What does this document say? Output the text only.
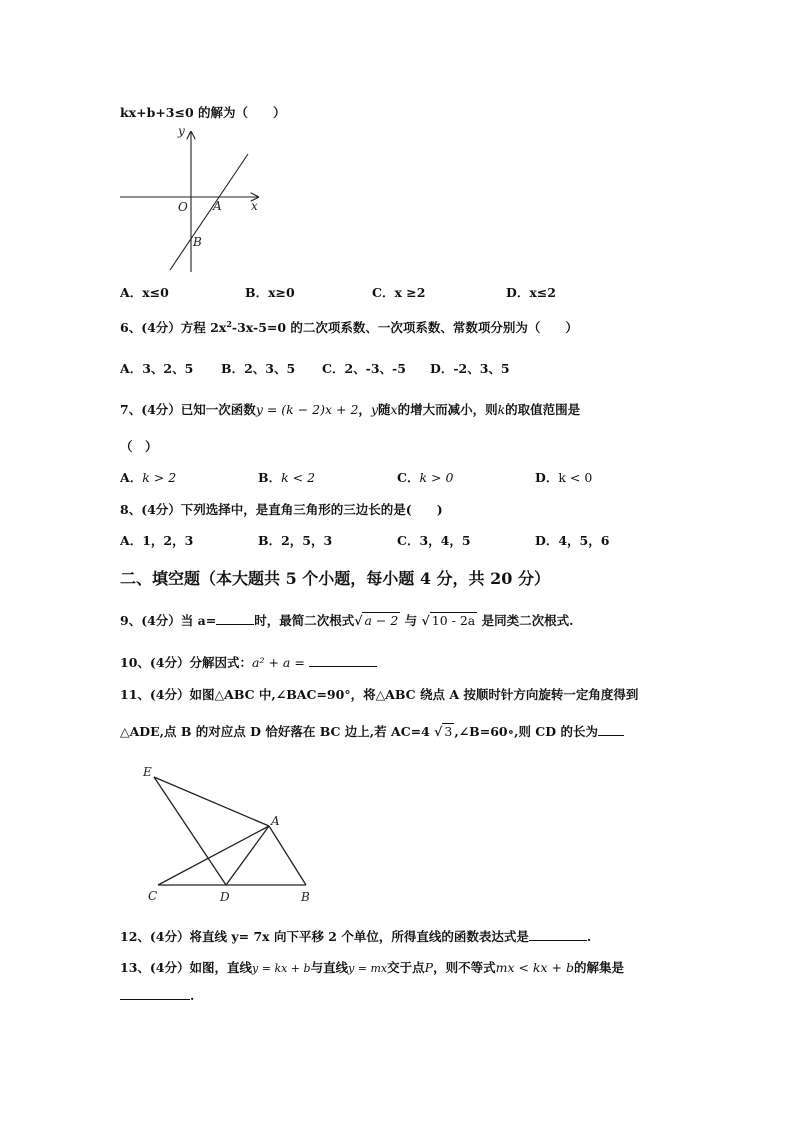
kx+b+3≤0 的解为（　　）
y
x
O A
B
A．x≤0	B．x≥0	C．x ≥2	D．x≤2
6、(4分）方程 $2x^2-3x-5=0$ 的二次项系数、一次项系数、常数项分别为（　　）
A．3、2、5 B．2、3、5 C．2、-3、-5 D．-2、3、5
7、(4分）已知一次函数y = (k − 2)x + 2，y随x的增大而减小，则k的取值范围是
（　）
A．k > 2	B．k < 2	C．k > 0	D．k < 0
8、(4分）下列选择中，是直角三角形的三边长的是(　　)
A．1，2，3	B．2，5，3	C．3，4，5	D．4，5，6
二、填空题（本大题共 5 个小题，每小题 4 分，共 20 分）
9、(4分）当 a=	时，最简二次根式√ a − 2 与 √ 10 - 2a 是同类二次根式.
10、(4分）分解因式：a² + a =
11、(4分）如图△ABC 中,∠BAC=90°，将△ABC 绕点 A 按顺时针方向旋转一定角度得到
△ADE,点 B 的对应点 D 恰好落在 BC 边上,若 AC=4 √ 3 ,∠B=60∘,则 CD 的长为
E
A
C	D	B
12、(4分）将直线 y= 7x 向下平移 2 个单位，所得直线的函数表达式是	.
13、(4分）如图，直线y = kx + b与直线y = mx交于点P，则不等式mx < kx + b的解集是
.
